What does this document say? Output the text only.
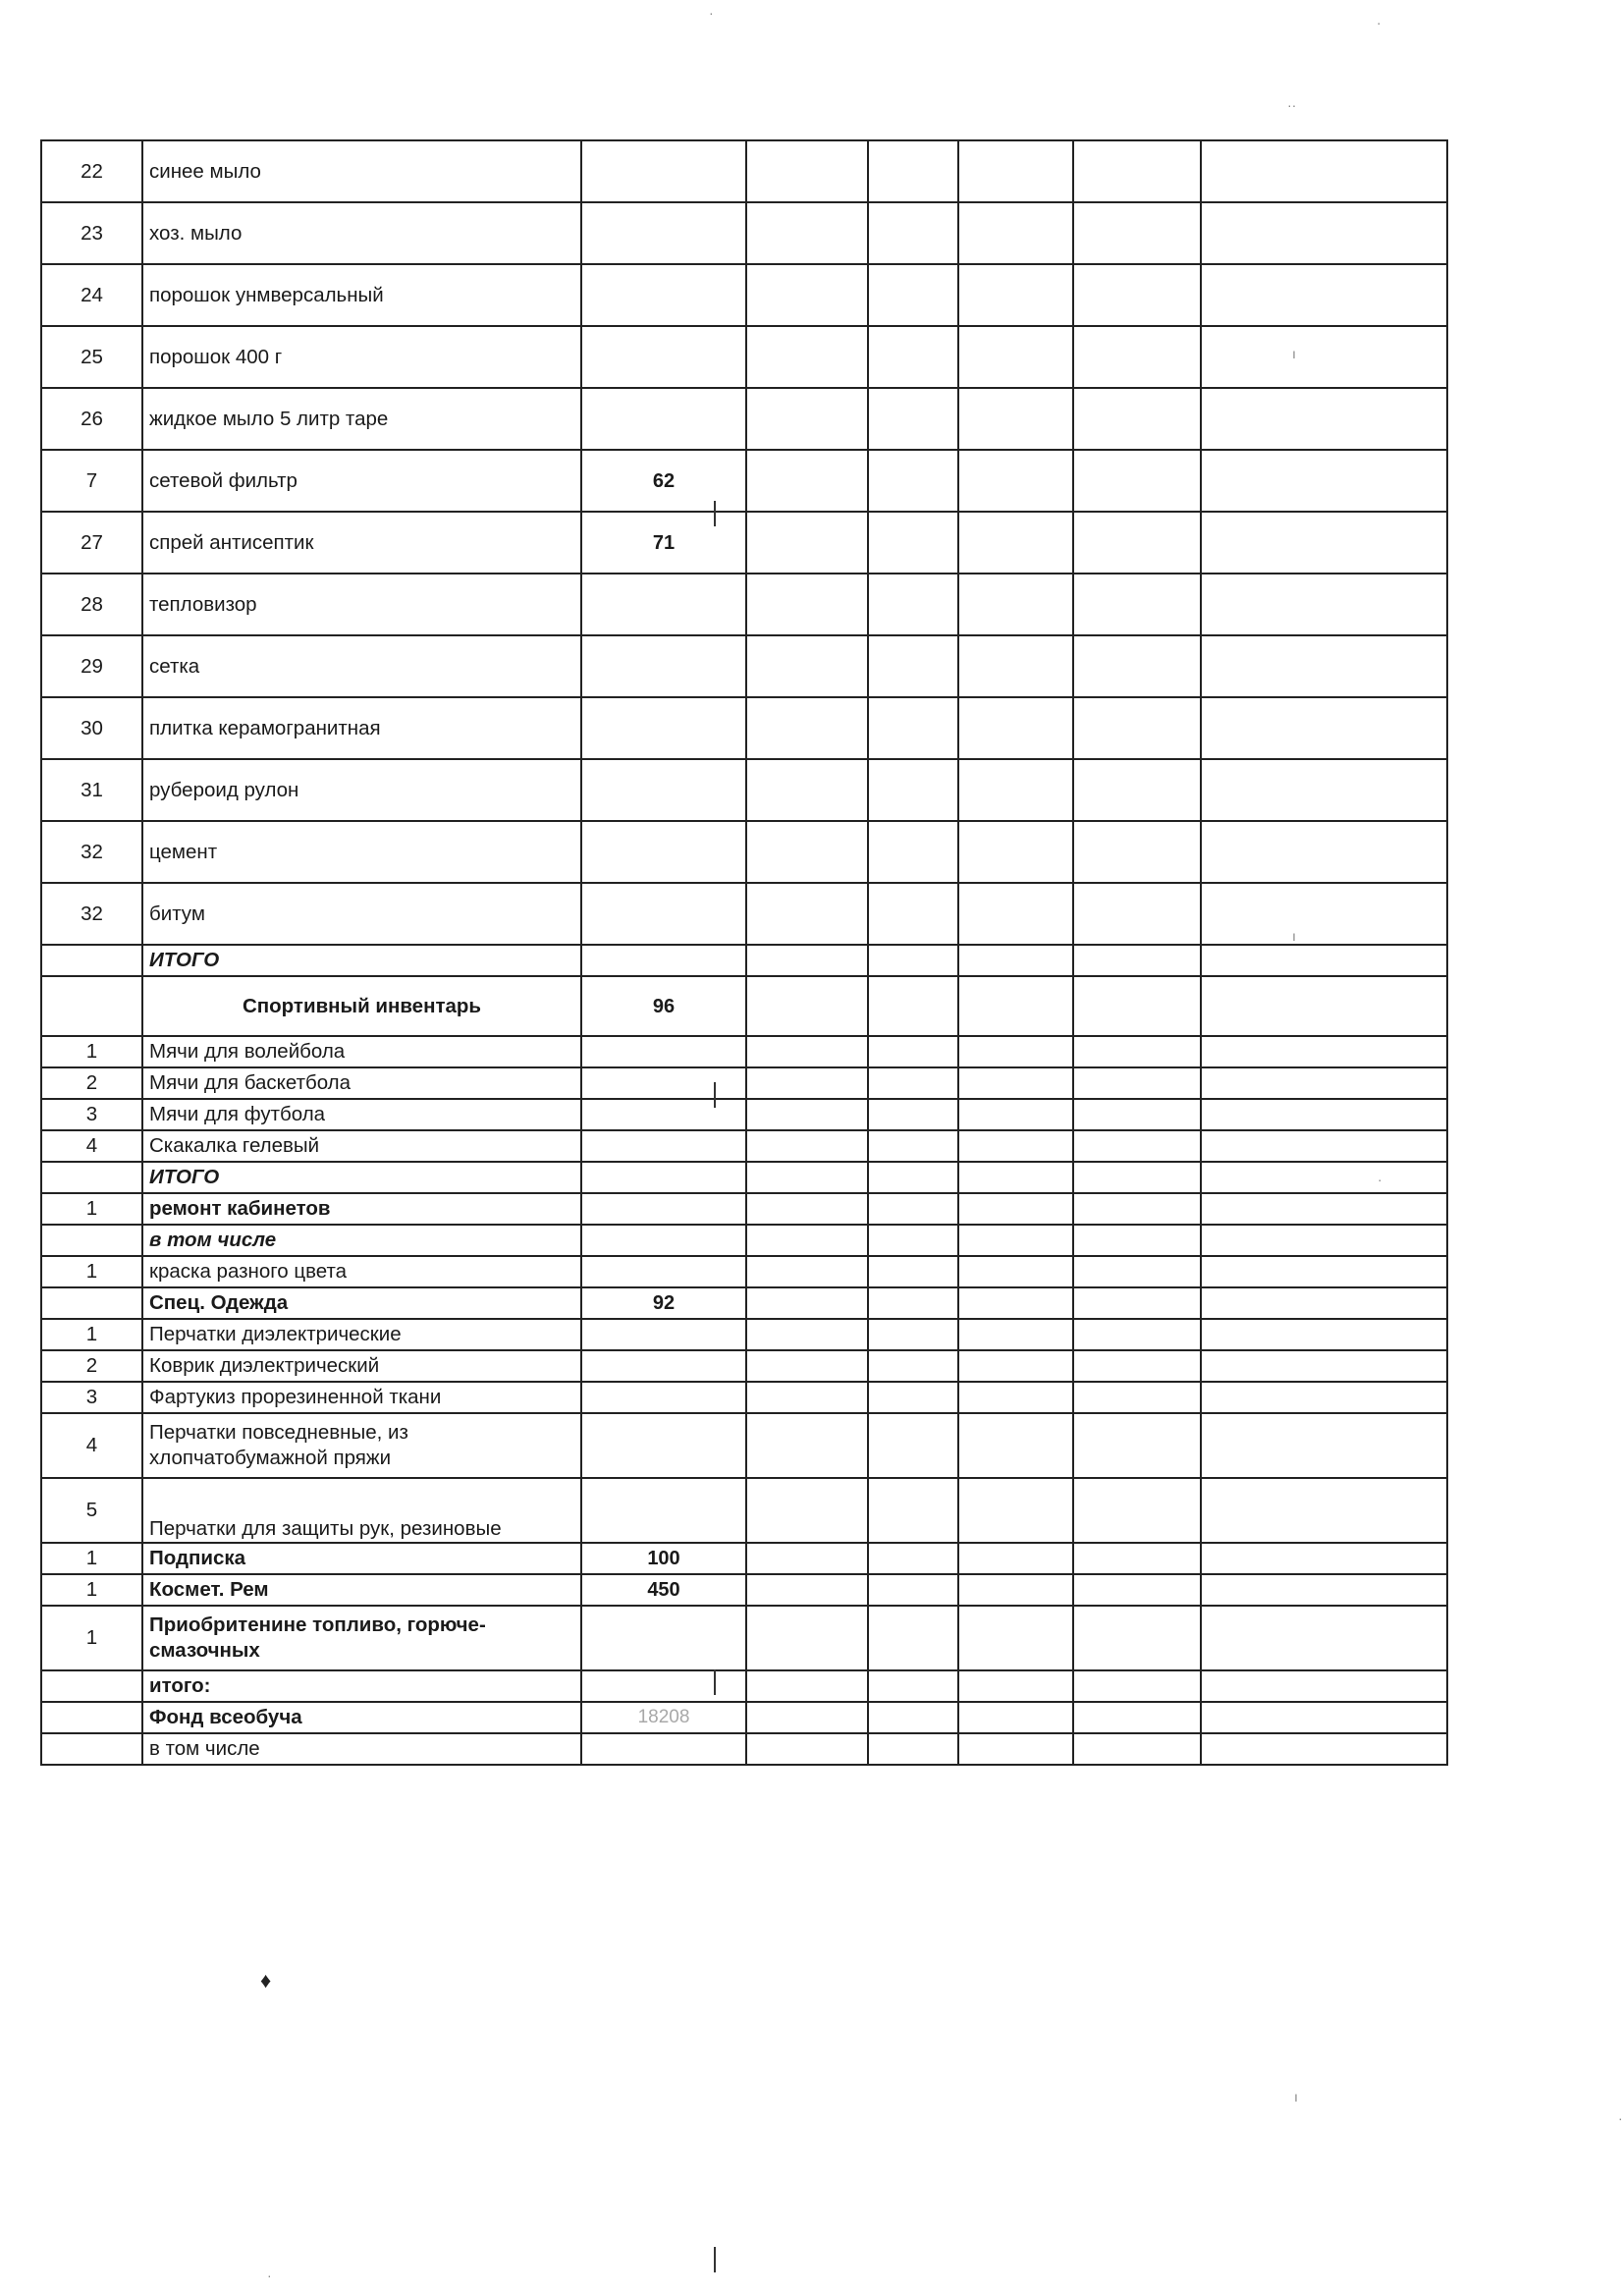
22	синее мыло						
23	хоз. мыло						
24	порошок унмверсальный						
25	порошок 400 г						
26	жидкое мыло 5 литр таре						
7	сетевой фильтр	62					
27	спрей антисептик	71					
28	тепловизор						
29	сетка						
30	плитка керамогранитная						
31	рубероид рулон						
32	цемент						
32	битум						
	ИТОГО						
	Спортивный инвентарь	96					
1	Мячи для волейбола						
2	Мячи для баскетбола						
3	Мячи для футбола						
4	Скакалка гелевый						
	ИТОГО						
1	ремонт кабинетов						
	в том числе						
1	краска разного цвета						
	Спец. Одежда	92					
1	Перчатки диэлектрические						
2	Коврик диэлектрический						
3	Фартукиз прорезиненной ткани						
4	Перчатки повседневные, из хлопчатобумажной пряжи						
5	Перчатки для защиты рук, резиновые						
1	Подписка	100					
1	Космет. Рем	450					
1	Приобритенине топливо, горюче-смазочных						
	итого:						
	Фонд всеобуча	18208					
	в том числе						
·
·
··
ı
ı
·
♦
ı
·
·
